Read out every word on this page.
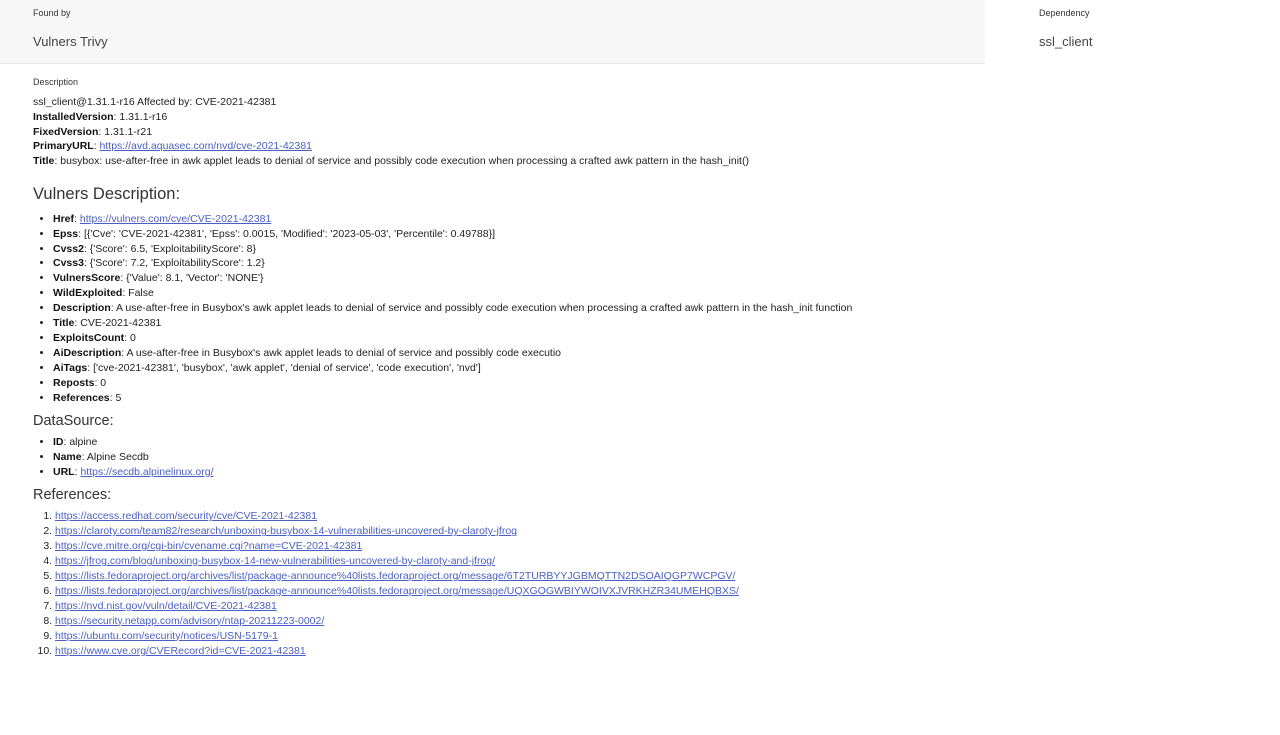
Found by
Vulners Trivy
Dependency
ssl_client
Description

ssl_client@1.31.1-r16 Affected by: CVE-2021-42381

InstalledVersion: 1.31.1-r16

FixedVersion: 1.31.1-r21

PrimaryURL: https://avd.aquasec.com/nvd/cve-2021-42381

Title: busybox: use-after-free in awk applet leads to denial of service and possibly code execution when processing a crafted awk pattern in the hash_init()

Vulners Description:
• Href: https://vulners.com/cve/CVE-2021-42381
• Epss: [{'Cve': 'CVE-2021-42381', 'Epss': 0.0015, 'Modified': '2023-05-03', 'Percentile': 0.49788}]
• Cvss2: {'Score': 6.5, 'ExploitabilityScore': 8}
• Cvss3: {'Score': 7.2, 'ExploitabilityScore': 1.2}
• VulnersScore: {'Value': 8.1, 'Vector': 'NONE'}
• WildExploited: False
• Description: A use-after-free in Busybox's awk applet leads to denial of service and possibly code execution when processing a crafted awk pattern in the hash_init function
• Title: CVE-2021-42381
• ExploitsCount: 0
• AiDescription: A use-after-free in Busybox's awk applet leads to denial of service and possibly code executio
• AiTags: ['cve-2021-42381', 'busybox', 'awk applet', 'denial of service', 'code execution', 'nvd']
• Reposts: 0
• References: 5
DataSource:
• ID: alpine
• Name: Alpine Secdb
• URL: https://secdb.alpinelinux.org/
References:
1. https://access.redhat.com/security/cve/CVE-2021-42381
2. https://claroty.com/team82/research/unboxing-busybox-14-vulnerabilities-uncovered-by-claroty-jfrog
3. https://cve.mitre.org/cgi-bin/cvename.cgi?name=CVE-2021-42381
4. https://jfrog.com/blog/unboxing-busybox-14-new-vulnerabilities-uncovered-by-claroty-and-jfrog/
5. https://lists.fedoraproject.org/archives/list/package-announce%40lists.fedoraproject.org/message/6T2TURBYYJGBMQTTN2DSOAIQGP7WCPGV/
6. https://lists.fedoraproject.org/archives/list/package-announce%40lists.fedoraproject.org/message/UQXGOGWBIYWOIVXJVRKHZR34UMEHQBXS/
7. https://nvd.nist.gov/vuln/detail/CVE-2021-42381
8. https://security.netapp.com/advisory/ntap-20211223-0002/
9. https://ubuntu.com/security/notices/USN-5179-1
10. https://www.cve.org/CVERecord?id=CVE-2021-42381
